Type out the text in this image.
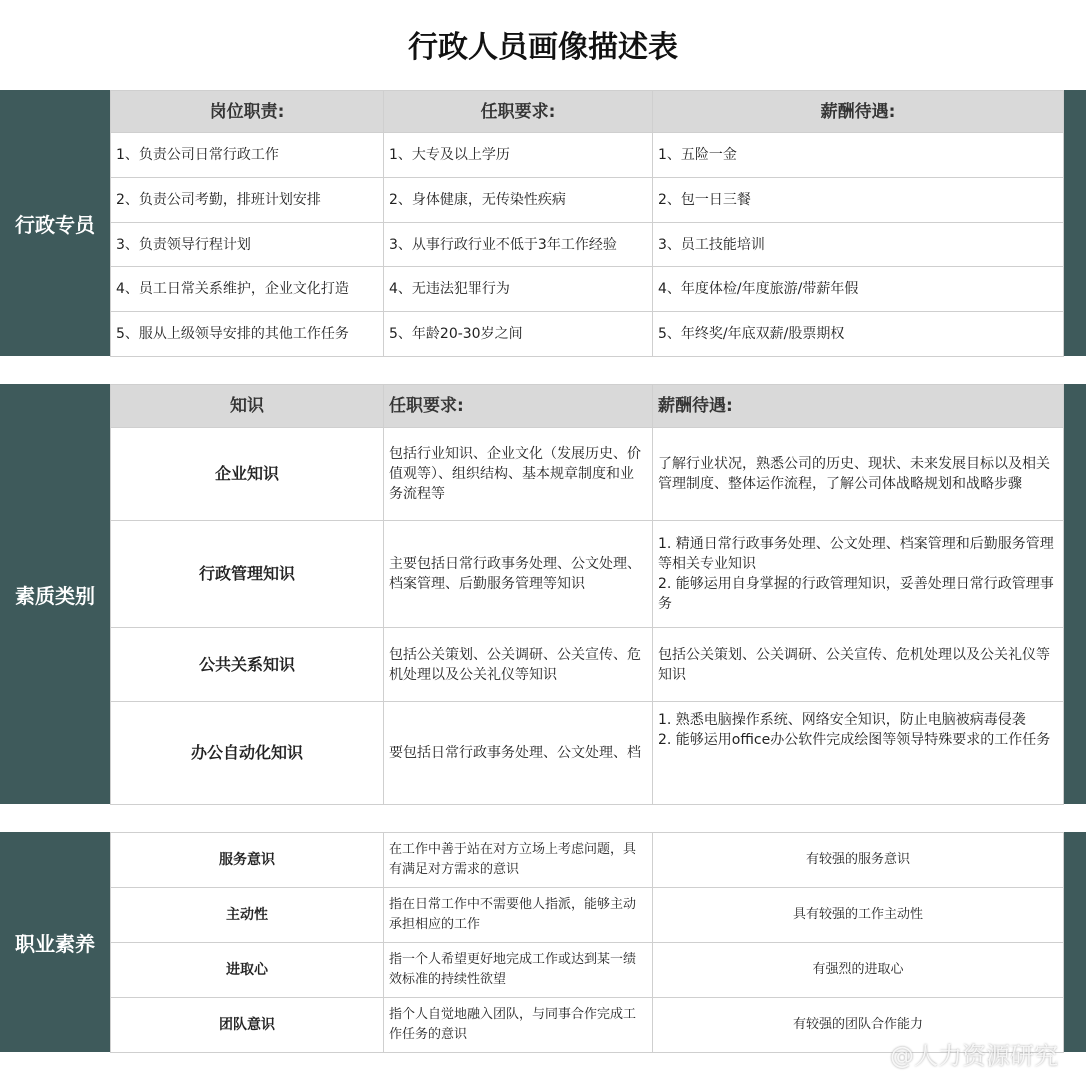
行政人员画像描述表
行政专员
岗位职责:	任职要求:	薪酬待遇:
1、负责公司日常行政工作	1、大专及以上学历	1、五险一金
2、负责公司考勤，排班计划安排	2、身体健康，无传染性疾病	2、包一日三餐
3、负责领导行程计划	3、从事行政行业不低于3年工作经验	3、员工技能培训
4、员工日常关系维护，企业文化打造	4、无违法犯罪行为	4、年度体检/年度旅游/带薪年假
5、服从上级领导安排的其他工作任务	5、年龄20-30岁之间	5、年终奖/年底双薪/股票期权
素质类别
知识	任职要求:	薪酬待遇:
企业知识	包括行业知识、企业文化（发展历史、价值观等）、组织结构、基本规章制度和业务流程等	了解行业状况，熟悉公司的历史、现状、未来发展目标以及相关管理制度、整体运作流程，了解公司体战略规划和战略步骤
行政管理知识	主要包括日常行政事务处理、公文处理、档案管理、后勤服务管理等知识	1. 精通日常行政事务处理、公文处理、档案管理和后勤服务管理等相关专业知识
2. 能够运用自身掌握的行政管理知识，妥善处理日常行政管理事务

公共关系知识	包括公关策划、公关调研、公关宣传、危机处理以及公关礼仪等知识	包括公关策划、公关调研、公关宣传、危机处理以及公关礼仪等知识
办公自动化知识	要包括日常行政事务处理、公文处理、档	1. 熟悉电脑操作系统、网络安全知识，防止电脑被病毒侵袭
2. 能够运用office办公软件完成绘图等领导特殊要求的工作任务
职业素养
服务意识	在工作中善于站在对方立场上考虑问题，具有满足对方需求的意识	有较强的服务意识
主动性	指在日常工作中不需要他人指派，能够主动承担相应的工作	具有较强的工作主动性
进取心	指一个人希望更好地完成工作或达到某一绩效标准的持续性欲望	有强烈的进取心
团队意识	指个人自觉地融入团队，与同事合作完成工作任务的意识	有较强的团队合作能力
@人力资源研究
